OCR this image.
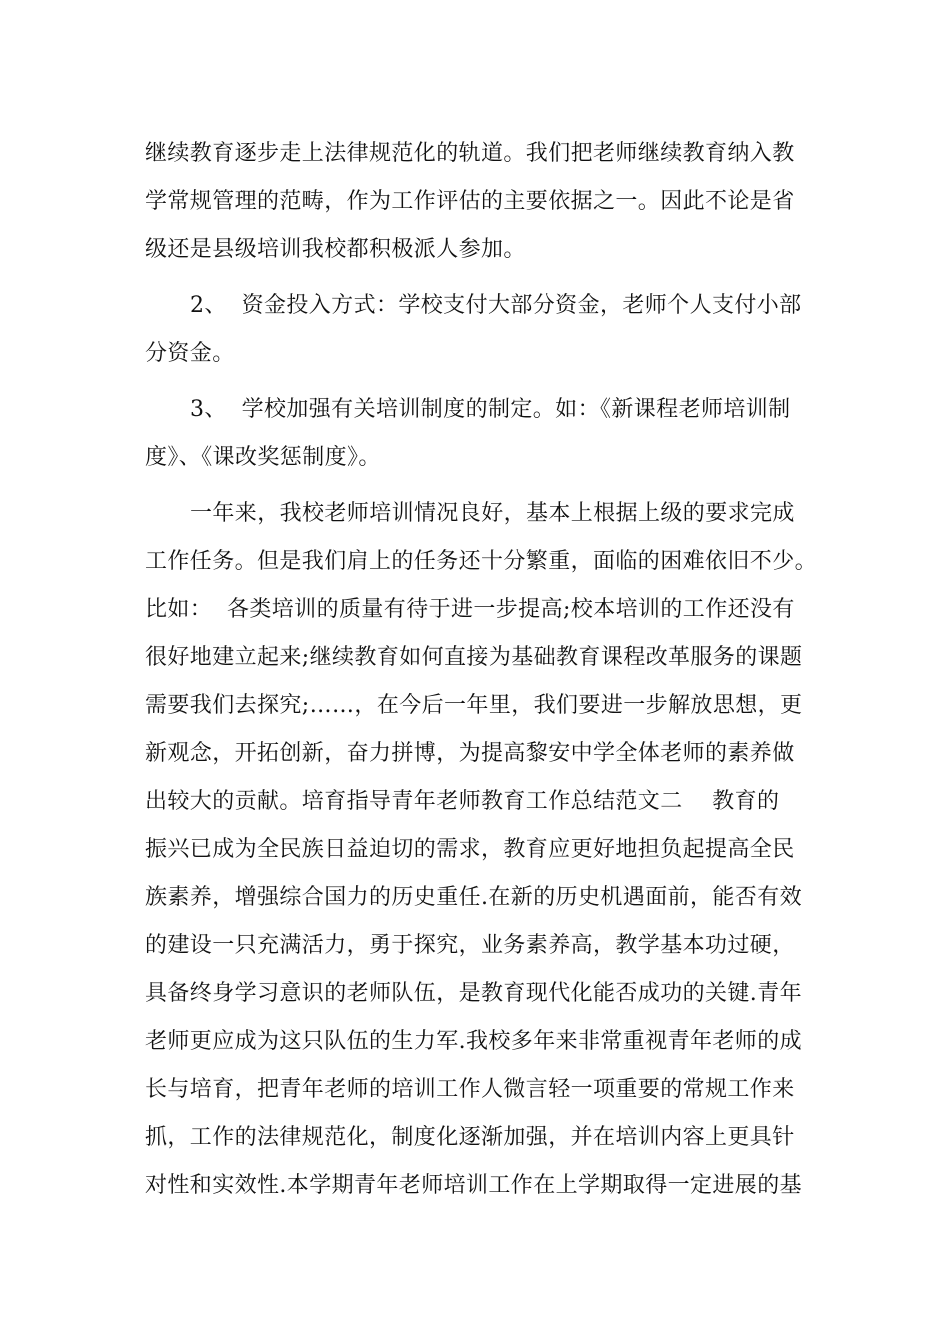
继续教育逐步走上法律规范化的轨道。我们把老师继续教育纳入教
学常规管理的范畴，作为工作评估的主要依据之一。因此不论是省
级还是县级培训我校都积极派人参加。
2、  资金投入方式：学校支付大部分资金，老师个人支付小部
分资金。
3、  学校加强有关培训制度的制定。如：《新课程老师培训制
度》、《课改奖惩制度》。
一年来，我校老师培训情况良好，基本上根据上级的要求完成
工作任务。但是我们肩上的任务还十分繁重，面临的困难依旧不少。
比如：  各类培训的质量有待于进一步提高;校本培训的工作还没有
很好地建立起来;继续教育如何直接为基础教育课程改革服务的课题
需要我们去探究;……，在今后一年里，我们要进一步解放思想，更
新观念，开拓创新，奋力拼博，为提高黎安中学全体老师的素养做
出较大的贡献。培育指导青年老师教育工作总结范文二    教育的
振兴已成为全民族日益迫切的需求，教育应更好地担负起提高全民
族素养，增强综合国力的历史重任.在新的历史机遇面前，能否有效
的建设一只充满活力，勇于探究，业务素养高，教学基本功过硬，
具备终身学习意识的老师队伍，是教育现代化能否成功的关键.青年
老师更应成为这只队伍的生力军.我校多年来非常重视青年老师的成
长与培育，把青年老师的培训工作人微言轻一项重要的常规工作来
抓，工作的法律规范化，制度化逐渐加强，并在培训内容上更具针
对性和实效性.本学期青年老师培训工作在上学期取得一定进展的基
